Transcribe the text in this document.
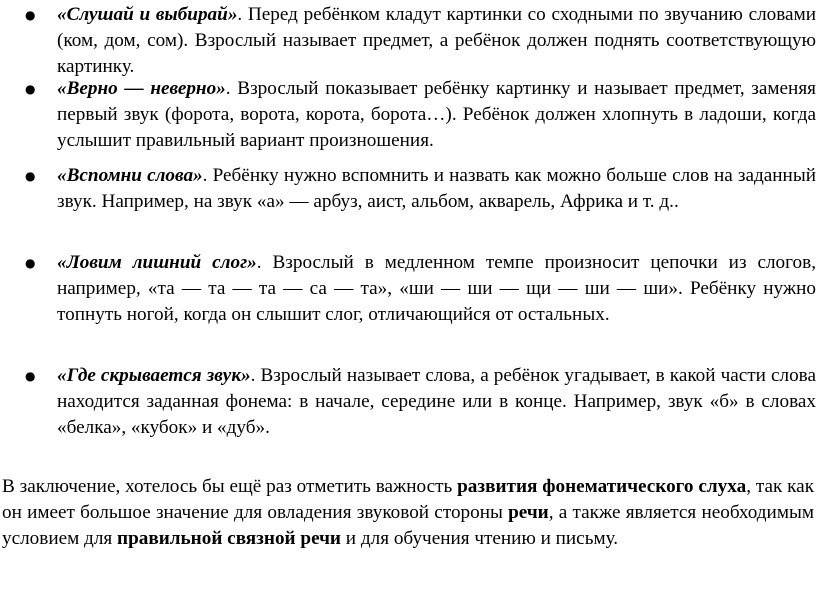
● «Слушай и выбирай». Перед ребёнком кладут картинки со сходными по звучанию словами (ком, дом, сом). Взрослый называет предмет, а ребёнок должен поднять соответствующую картинку.
● «Верно — неверно». Взрослый показывает ребёнку картинку и называет предмет, заменяя первый звук (форота, ворота, корота, борота…). Ребёнок должен хлопнуть в ладоши, когда услышит правильный вариант произношения.
● «Вспомни слова». Ребёнку нужно вспомнить и назвать как можно больше слов на заданный звук. Например, на звук «а» — арбуз, аист, альбом, акварель, Африка и т. д..
● «Ловим лишний слог». Взрослый в медленном темпе произносит цепочки из слогов, например, «та — та — та — са — та», «ши — ши — щи — ши — ши». Ребёнку нужно топнуть ногой, когда он слышит слог, отличающийся от остальных.
● «Где скрывается звук». Взрослый называет слова, а ребёнок угадывает, в какой части слова находится заданная фонема: в начале, середине или в конце. Например, звук «б» в словах «белка», «кубок» и «дуб».

В заключение, хотелось бы ещё раз отметить важность развития фонематического слуха, так как он имеет большое значение для овладения звуковой стороны речи, а также является необходимым условием для правильной связной речи и для обучения чтению и письму.
